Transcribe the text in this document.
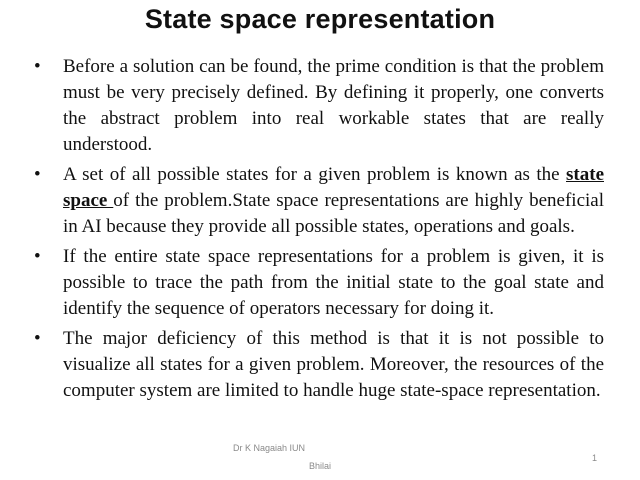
State space representation
• Before a solution can be found, the prime condition is that the problem must be very precisely defined. By defining it properly, one converts the abstract problem into real workable states that are really understood.

• A set of all possible states for a given problem is known as the state space of the problem.State space representations are highly beneficial in AI because they provide all possible states, operations and goals.

• If the entire state space representations for a problem is given, it is possible to trace the path from the initial state to the goal state and identify the sequence of operators necessary for doing it.

• The major deficiency of this method is that it is not possible to visualize all states for a given problem. Moreover, the resources of the computer system are limited to handle huge state-space representation.

Dr K Nagaiah IUN
Bhilai
1
